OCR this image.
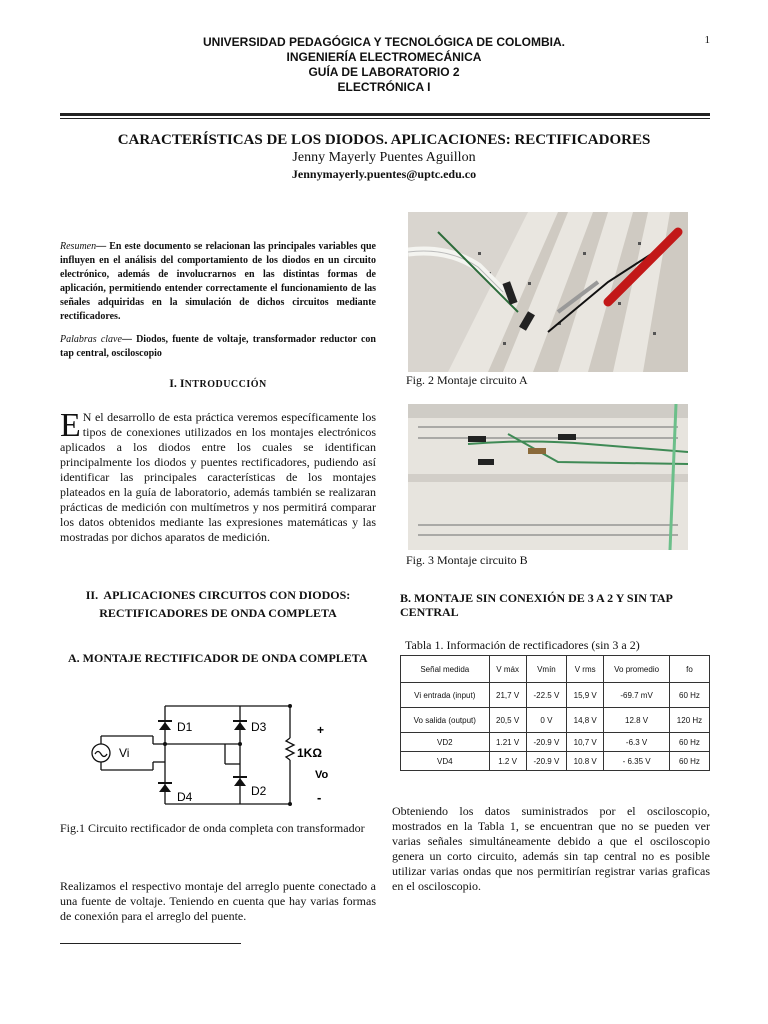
UNIVERSIDAD PEDAGÓGICA Y TECNOLÓGICA DE COLOMBIA.
INGENIERÍA ELECTROMECÁNICA
GUÍA DE LABORATORIO 2
ELECTRÓNICA I
1
CARACTERÍSTICAS DE LOS DIODOS. APLICACIONES: RECTIFICADORES
Jenny Mayerly Puentes Aguillon
Jennymayerly.puentes@uptc.edu.co
Resumen— En este documento se relacionan las principales variables que influyen en el análisis del comportamiento de los diodos en un circuito electrónico, además de involucrarnos en las distintas formas de aplicación, permitiendo entender correctamente el funcionamiento de las señales adquiridas en la simulación de dichos circuitos mediante rectificadores.
Palabras clave— Diodos, fuente de voltaje, transformador reductor con tap central, osciloscopio
I. INTRODUCCIÓN
E N el desarrollo de esta práctica veremos específicamente los tipos de conexiones utilizados en los montajes electrónicos aplicados a los diodos entre los cuales se identifican principalmente los diodos y puentes rectificadores, pudiendo así identificar las principales características de los montajes plateados en la guía de laboratorio, además también se realizaran prácticas de medición con multímetros y nos permitirá comparar los datos obtenidos mediante las expresiones matemáticas y las mostradas por dichos aparatos de medición.
II. APLICACIONES CIRCUITOS CON DIODOS:
RECTIFICADORES DE ONDA COMPLETA
A. MONTAJE RECTIFICADOR DE ONDA COMPLETA
Vi
D1	D3
D4	D2
1KΩ
+
Vo
-
Fig.1 Circuito rectificador de onda completa con transformador
Realizamos el respectivo montaje del arreglo puente conectado a una fuente de voltaje. Teniendo en cuenta que hay varias formas de conexión para el arreglo del puente.
Fig. 2 Montaje circuito A
Fig. 3 Montaje circuito B
B. MONTAJE SIN CONEXIÓN DE 3 A 2 Y SIN TAP CENTRAL
Tabla 1. Información de rectificadores (sin 3 a 2)
Señal medida	V máx	Vmín	V rms	Vo promedio	fo
Vi entrada (input)	21,7 V	-22.5 V	15,9 V	-69.7 mV	60 Hz
Vo salida (output)	20,5 V	0 V	14,8 V	12.8 V	120 Hz
VD2	1.21 V	-20.9 V	10,7 V	-6.3 V	60 Hz
VD4	1.2 V	-20.9 V	10.8 V	- 6.35 V	60 Hz
Obteniendo los datos suministrados por el osciloscopio, mostrados en la Tabla 1, se encuentran que no se pueden ver varias señales simultáneamente debido a que el osciloscopio genera un corto circuito, además sin tap central no es posible utilizar varias ondas que nos permitirían registrar varias graficas en el osciloscopio.
